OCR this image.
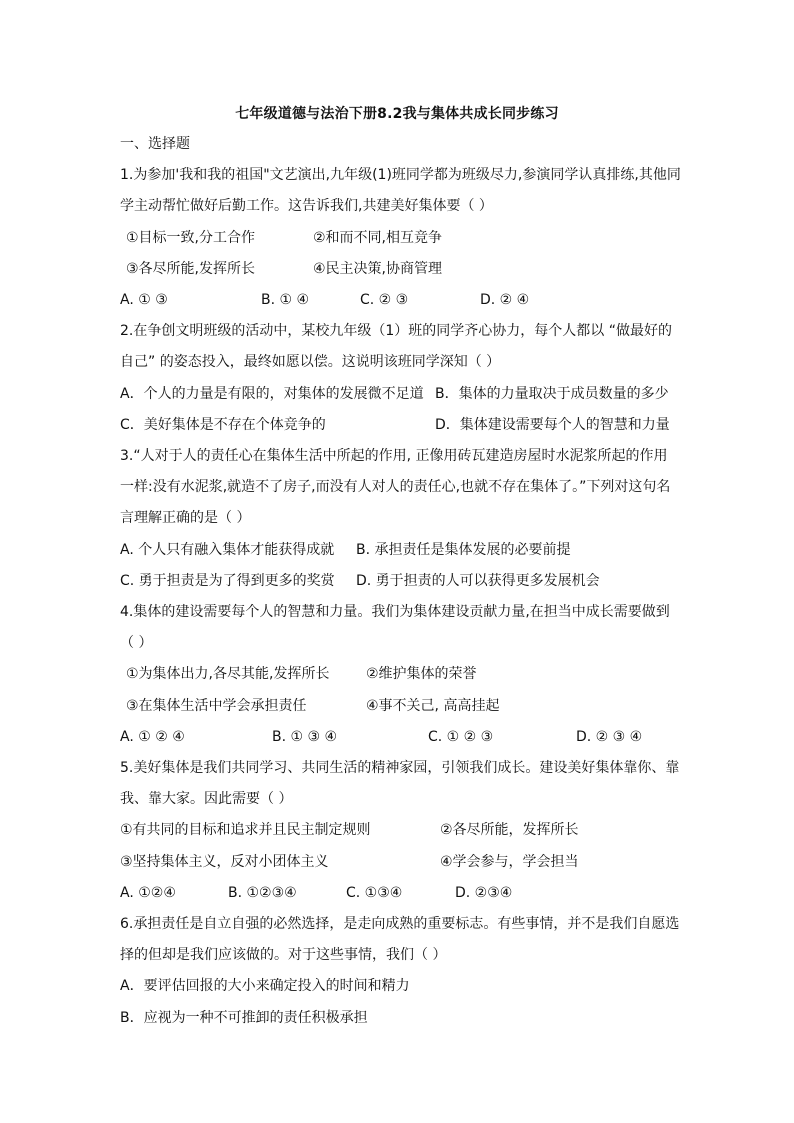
七年级道德与法治下册8.2我与集体共成长同步练习
一、选择题
1.为参加'我和我的祖国"文艺演出,九年级(1)班同学都为班级尽力,参演同学认真排练,其他同
学主动帮忙做好后勤工作。这告诉我们,共建美好集体要（ ）
①目标一致,分工合作	②和而不同,相互竞争
③各尽所能,发挥所长	④民主决策,协商管理
A. ① ③	B. ① ④	C. ② ③	D. ② ④
2.在争创文明班级的活动中，某校九年级（1）班的同学齐心协力，每个人都以 “做最好的
自己” 的姿态投入，最终如愿以偿。这说明该班同学深知（ ）
A．个人的力量是有限的，对集体的发展微不足道 B．集体的力量取决于成员数量的多少
C．美好集体是不存在个体竞争的	D．集体建设需要每个人的智慧和力量
3.“人对于人的责任心在集体生活中所起的作用, 正像用砖瓦建造房屋时水泥浆所起的作用
一样:没有水泥浆,就造不了房子,而没有人对人的责任心,也就不存在集体了。”下列对这句名
言理解正确的是（ ）
A. 个人只有融入集体才能获得成就 B. 承担责任是集体发展的必要前提
C. 勇于担责是为了得到更多的奖赏 D. 勇于担责的人可以获得更多发展机会
4.集体的建设需要每个人的智慧和力量。我们为集体建设贡献力量,在担当中成长需要做到
（ ）
①为集体出力,各尽其能,发挥所长	②维护集体的荣誉
③在集体生活中学会承担责任	④事不关己, 高高挂起
A. ① ② ④	B. ① ③ ④	C. ① ② ③	D. ② ③ ④
5.美好集体是我们共同学习、共同生活的精神家园，引领我们成长。建设美好集体靠你、靠
我、靠大家。因此需要（ ）
①有共同的目标和追求并且民主制定规则	②各尽所能，发挥所长
③坚持集体主义，反对小团体主义	④学会参与，学会担当
A. ①②④	B. ①②③④	C. ①③④	D. ②③④
6.承担责任是自立自强的必然选择，是走向成熟的重要标志。有些事情，并不是我们自愿选
择的但却是我们应该做的。对于这些事情，我们（ ）
A．要评估回报的大小来确定投入的时间和精力
B．应视为一种不可推卸的责任积极承担
